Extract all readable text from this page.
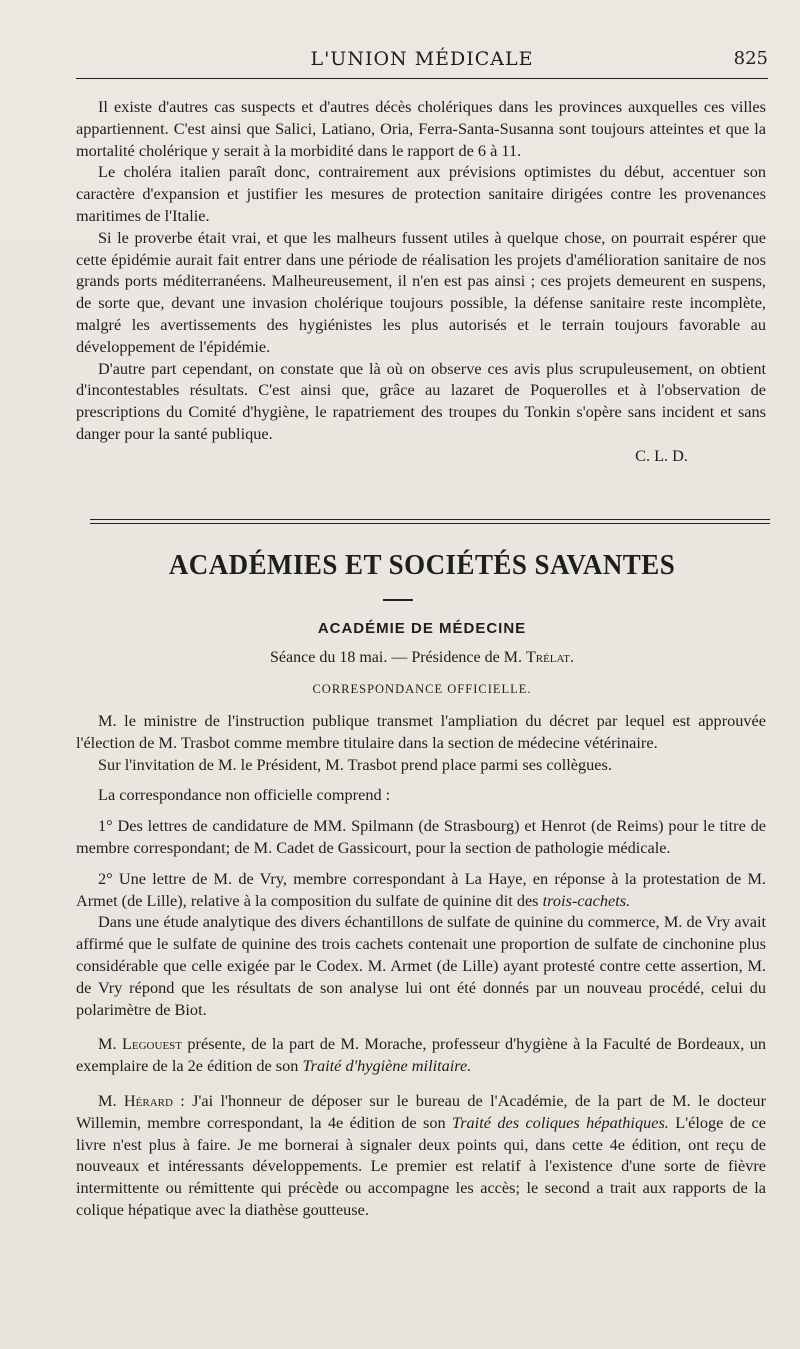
L'UNION MÉDICALE	825

Il existe d'autres cas suspects et d'autres décès cholériques dans les provinces auxquelles ces villes appartiennent. C'est ainsi que Salici, Latiano, Oria, Ferra-Santa-Susanna sont toujours atteintes et que la mortalité cholérique y serait à la morbidité dans le rapport de 6 à 11.

Le choléra italien paraît donc, contrairement aux prévisions optimistes du début, accentuer son caractère d'expansion et justifier les mesures de protection sanitaire dirigées contre les provenances maritimes de l'Italie.

Si le proverbe était vrai, et que les malheurs fussent utiles à quelque chose, on pourrait espérer que cette épidémie aurait fait entrer dans une période de réalisation les projets d'amélioration sanitaire de nos grands ports méditerranéens. Malheureusement, il n'en est pas ainsi ; ces projets demeurent en suspens, de sorte que, devant une invasion cholérique toujours possible, la défense sanitaire reste incomplète, malgré les avertissements des hygiénistes les plus autorisés et le terrain toujours favorable au développement de l'épidémie.

D'autre part cependant, on constate que là où on observe ces avis plus scrupuleusement, on obtient d'incontestables résultats. C'est ainsi que, grâce au lazaret de Poquerolles et à l'observation de prescriptions du Comité d'hygiène, le rapatriement des troupes du Tonkin s'opère sans incident et sans danger pour la santé publique.

C. L. D.

ACADÉMIES ET SOCIÉTÉS SAVANTES
ACADÉMIE DE MÉDECINE
Séance du 18 mai. — Présidence de M. Trélat.
CORRESPONDANCE OFFICIELLE.

M. le ministre de l'instruction publique transmet l'ampliation du décret par lequel est approuvée l'élection de M. Trasbot comme membre titulaire dans la section de médecine vétérinaire.

Sur l'invitation de M. le Président, M. Trasbot prend place parmi ses collègues.

La correspondance non officielle comprend :

1° Des lettres de candidature de MM. Spilmann (de Strasbourg) et Henrot (de Reims) pour le titre de membre correspondant; de M. Cadet de Gassicourt, pour la section de pathologie médicale.

2° Une lettre de M. de Vry, membre correspondant à La Haye, en réponse à la protestation de M. Armet (de Lille), relative à la composition du sulfate de quinine dit des trois-cachets.

Dans une étude analytique des divers échantillons de sulfate de quinine du commerce, M. de Vry avait affirmé que le sulfate de quinine des trois cachets contenait une proportion de sulfate de cinchonine plus considérable que celle exigée par le Codex. M. Armet (de Lille) ayant protesté contre cette assertion, M. de Vry répond que les résultats de son analyse lui ont été donnés par un nouveau procédé, celui du polarimètre de Biot.

M. Legouest présente, de la part de M. Morache, professeur d'hygiène à la Faculté de Bordeaux, un exemplaire de la 2e édition de son Traité d'hygiène militaire.

M. Hérard : J'ai l'honneur de déposer sur le bureau de l'Académie, de la part de M. le docteur Willemin, membre correspondant, la 4e édition de son Traité des coliques hépathiques. L'éloge de ce livre n'est plus à faire. Je me bornerai à signaler deux points qui, dans cette 4e édition, ont reçu de nouveaux et intéressants développements. Le premier est relatif à l'existence d'une sorte de fièvre intermittente ou rémittente qui précède ou accompagne les accès; le second a trait aux rapports de la colique hépatique avec la diathèse goutteuse.
